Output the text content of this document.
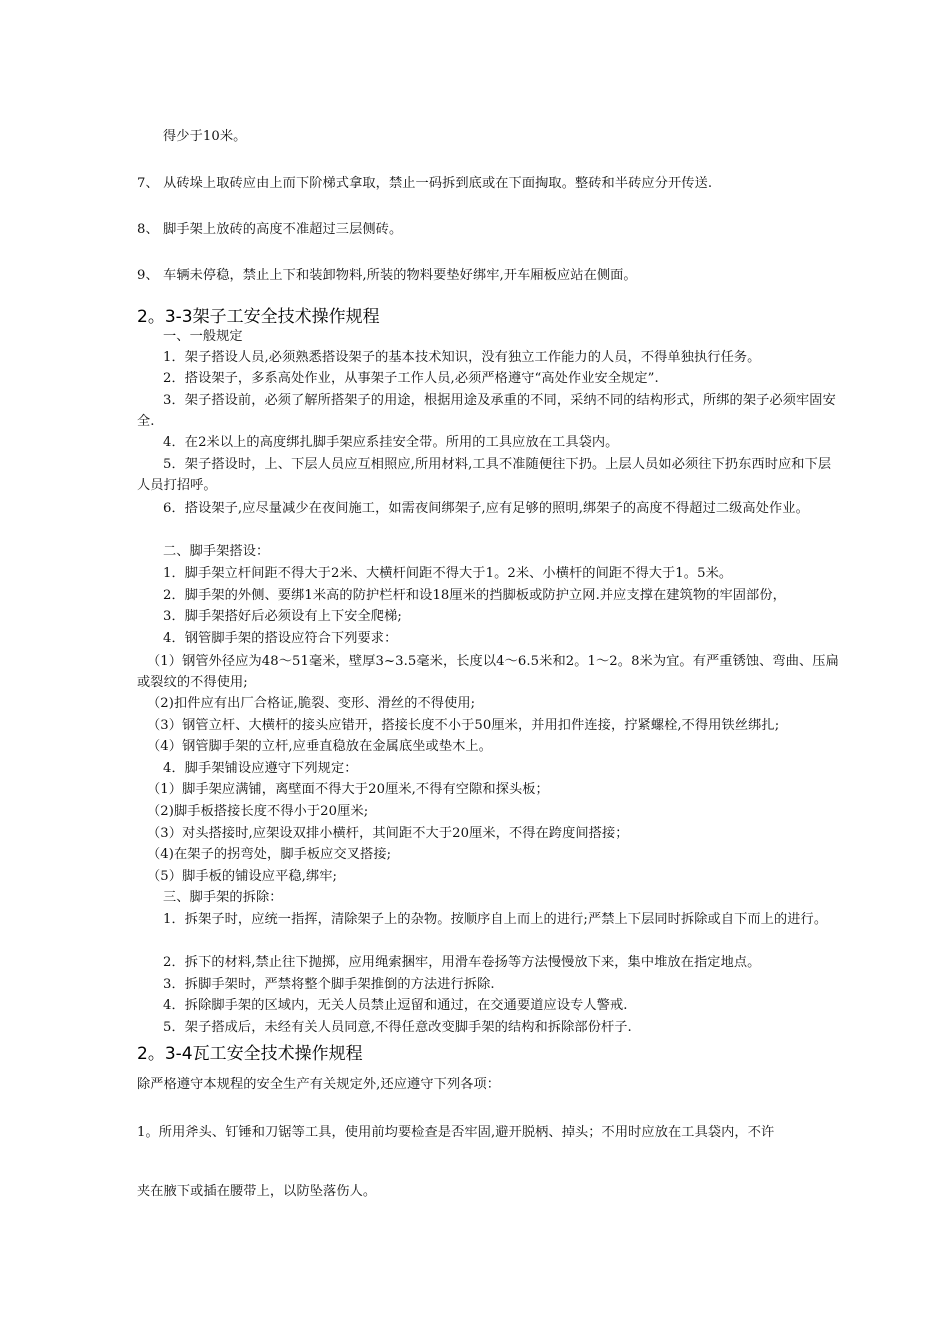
得少于10米。
7、 从砖垛上取砖应由上而下阶梯式拿取，禁止一码拆到底或在下面掏取。整砖和半砖应分开传送.
8、 脚手架上放砖的高度不准超过三层侧砖。
9、 车辆未停稳，禁止上下和装卸物料,所装的物料要垫好绑牢,开车厢板应站在侧面。
2。3-3架子工安全技术操作规程
一、一般规定
1．架子搭设人员,必须熟悉搭设架子的基本技术知识，没有独立工作能力的人员，不得单独执行任务。
2．搭设架子，多系高处作业，从事架子工作人员,必须严格遵守“高处作业安全规定”.
3．架子搭设前，必须了解所搭架子的用途，根据用途及承重的不同，采纳不同的结构形式，所绑的架子必须牢固安全.
4．在2米以上的高度绑扎脚手架应系挂安全带。所用的工具应放在工具袋内。
5．架子搭设时，上、下层人员应互相照应,所用材料,工具不准随便往下扔。上层人员如必须往下扔东西时应和下层人员打招呼。
6．搭设架子,应尽量减少在夜间施工，如需夜间绑架子,应有足够的照明,绑架子的高度不得超过二级高处作业。
二、脚手架搭设：
1．脚手架立杆间距不得大于2米、大横杆间距不得大于1。2米、小横杆的间距不得大于1。5米。
2．脚手架的外侧、要绑1米高的防护栏杆和设18厘米的挡脚板或防护立网.并应支撑在建筑物的牢固部份，
3．脚手架搭好后必须设有上下安全爬梯;
4．钢管脚手架的搭设应符合下列要求：
（1）钢管外径应为48～51毫米，壁厚3~3.5毫米，长度以4～6.5米和2。1～2。8米为宜。有严重锈蚀、弯曲、压扁或裂纹的不得使用;
（2)扣件应有出厂合格证,脆裂、变形、滑丝的不得使用;
（3）钢管立杆、大横杆的接头应错开，搭接长度不小于50厘米，并用扣件连接，拧紧螺栓,不得用铁丝绑扎;
（4）钢管脚手架的立杆,应垂直稳放在金属底坐或垫木上。
4．脚手架铺设应遵守下列规定：
（1）脚手架应满铺，离壁面不得大于20厘米,不得有空隙和探头板；
（2)脚手板搭接长度不得小于20厘米;
（3）对头搭接时,应架设双排小横杆，其间距不大于20厘米，不得在跨度间搭接；
（4)在架子的拐弯处，脚手板应交叉搭接;
（5）脚手板的铺设应平稳,绑牢;
三、脚手架的拆除：
1．拆架子时，应统一指挥，清除架子上的杂物。按顺序自上而上的进行;严禁上下层同时拆除或自下而上的进行。
2．拆下的材料,禁止往下抛掷，应用绳索捆牢，用滑车卷扬等方法慢慢放下来，集中堆放在指定地点。
3．拆脚手架时，严禁将整个脚手架推倒的方法进行拆除.
4．拆除脚手架的区域内，无关人员禁止逗留和通过，在交通要道应设专人警戒.
5．架子搭成后，未经有关人员同意,不得任意改变脚手架的结构和拆除部份杆子.
2。3-4瓦工安全技术操作规程
除严格遵守本规程的安全生产有关规定外,还应遵守下列各项：
1。所用斧头、钉锤和刀锯等工具，使用前均要检查是否牢固,避开脱柄、掉头；不用时应放在工具袋内，不许
夹在腋下或插在腰带上，以防坠落伤人。
